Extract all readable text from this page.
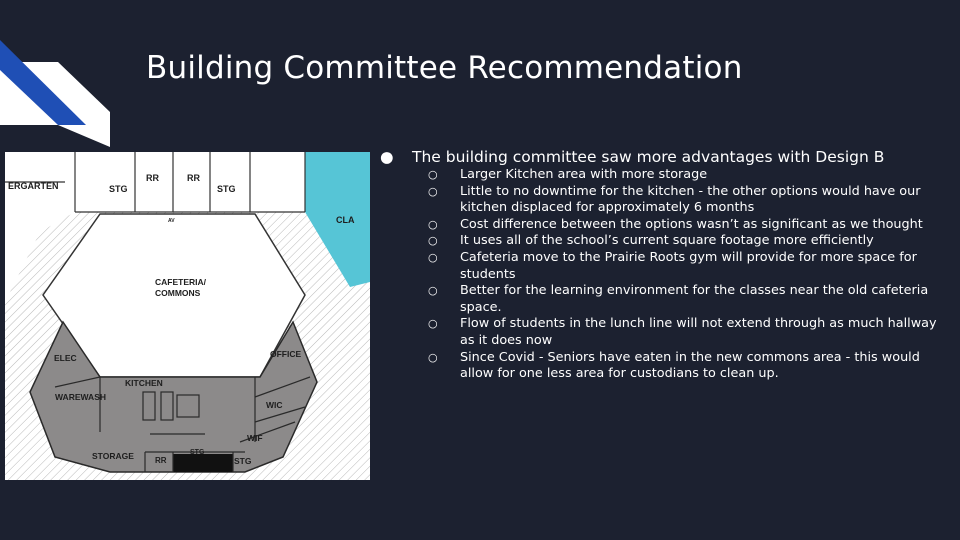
Building Committee Recommendation
ERGARTEN	STG
RR	RR
STG
CLA
AV
CAFETERIA/
COMMONS
ELEC	OFFICE
KITCHEN
WAREWASH
WIC
WIF
STORAGE	RR
STG
STG
● The building committee saw more advantages with Design B
○ Larger Kitchen area with more storage
○ Little to no downtime for the kitchen - the other options would have our kitchen displaced for approximately 6 months
○ Cost difference between the options wasn’t as significant as we thought
○ It uses all of the school’s current square footage more efficiently
○ Cafeteria move to the Prairie Roots gym will provide for more space for students
○ Better for the learning environment for the classes near the old cafeteria space.
○ Flow of students in the lunch line will not extend through as much hallway as it does now
○ Since Covid - Seniors have eaten in the new commons area - this would allow for one less area for custodians to clean up.
